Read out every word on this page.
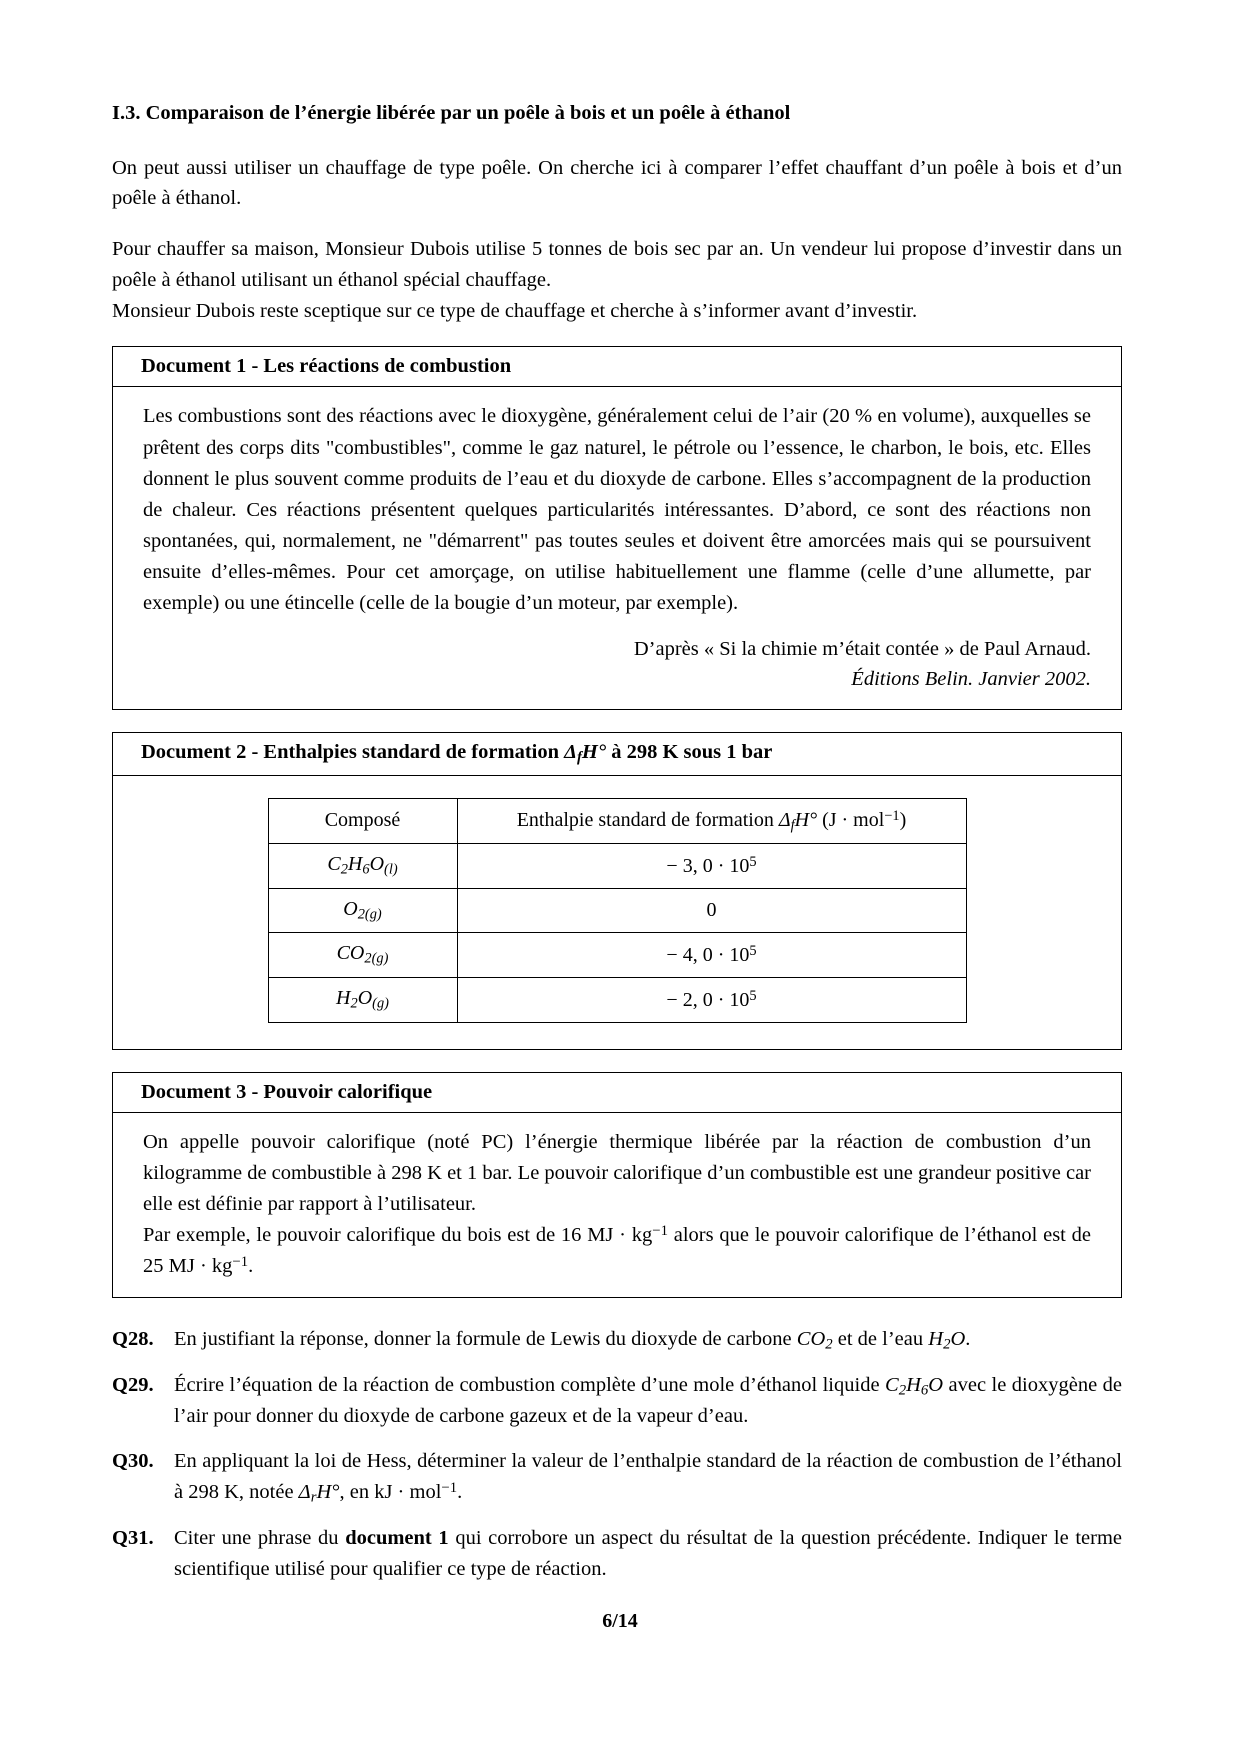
I.3. Comparaison de l’énergie libérée par un poêle à bois et un poêle à éthanol

On peut aussi utiliser un chauffage de type poêle. On cherche ici à comparer l’effet chauffant d’un poêle à bois et d’un poêle à éthanol.

Pour chauffer sa maison, Monsieur Dubois utilise 5 tonnes de bois sec par an. Un vendeur lui propose d’investir dans un poêle à éthanol utilisant un éthanol spécial chauffage.

Monsieur Dubois reste sceptique sur ce type de chauffage et cherche à s’informer avant d’investir.

Document 1 - Les réactions de combustion

Les combustions sont des réactions avec le dioxygène, généralement celui de l’air (20 % en volume), auxquelles se prêtent des corps dits "combustibles", comme le gaz naturel, le pétrole ou l’essence, le charbon, le bois, etc. Elles donnent le plus souvent comme produits de l’eau et du dioxyde de carbone. Elles s’accompagnent de la production de chaleur. Ces réactions présentent quelques particularités intéressantes. D’abord, ce sont des réactions non spontanées, qui, normalement, ne "démarrent" pas toutes seules et doivent être amorcées mais qui se poursuivent ensuite d’elles-mêmes. Pour cet amorçage, on utilise habituellement une flamme (celle d’une allumette, par exemple) ou une étincelle (celle de la bougie d’un moteur, par exemple).

D’après « Si la chimie m’était contée » de Paul Arnaud.
Éditions Belin. Janvier 2002.
Document 2 - Enthalpies standard de formation $\Delta_fH^\circ$ à 298 K sous 1 bar
Composé	Enthalpie standard de formation $\Delta_fH^\circ$ (J · mol$^{-1}$)
$C_2H_6O_{(l)}$	− 3, $0 \cdot 10^5$
$O_{2(g)}$	0
$CO_{2(g)}$	− 4, $0 \cdot 10^5$
$H_2O_{(g)}$	− 2, $0 \cdot 10^5$
Document 3 - Pouvoir calorifique

On appelle pouvoir calorifique (noté PC) l’énergie thermique libérée par la réaction de combustion d’un kilogramme de combustible à 298 K et 1 bar. Le pouvoir calorifique d’un combustible est une grandeur positive car elle est définie par rapport à l’utilisateur.

Par exemple, le pouvoir calorifique du bois est de 16 MJ · $kg^{-1}$ alors que le pouvoir calorifique de l’éthanol est de 25 MJ · $kg^{-1}$.

Q28. En justifiant la réponse, donner la formule de Lewis du dioxyde de carbone $CO_2$ et de l’eau $H_2O$.
Q29. Écrire l’équation de la réaction de combustion complète d’une mole d’éthanol liquide $C_2H_6O$ avec le dioxygène de l’air pour donner du dioxyde de carbone gazeux et de la vapeur d’eau.
Q30. En appliquant la loi de Hess, déterminer la valeur de l’enthalpie standard de la réaction de combustion de l’éthanol à 298 K, notée $\Delta_rH^\circ$, en kJ · mol$^{-1}$.
Q31. Citer une phrase du document 1 qui corrobore un aspect du résultat de la question précédente. Indiquer le terme scientifique utilisé pour qualifier ce type de réaction.
6/14
